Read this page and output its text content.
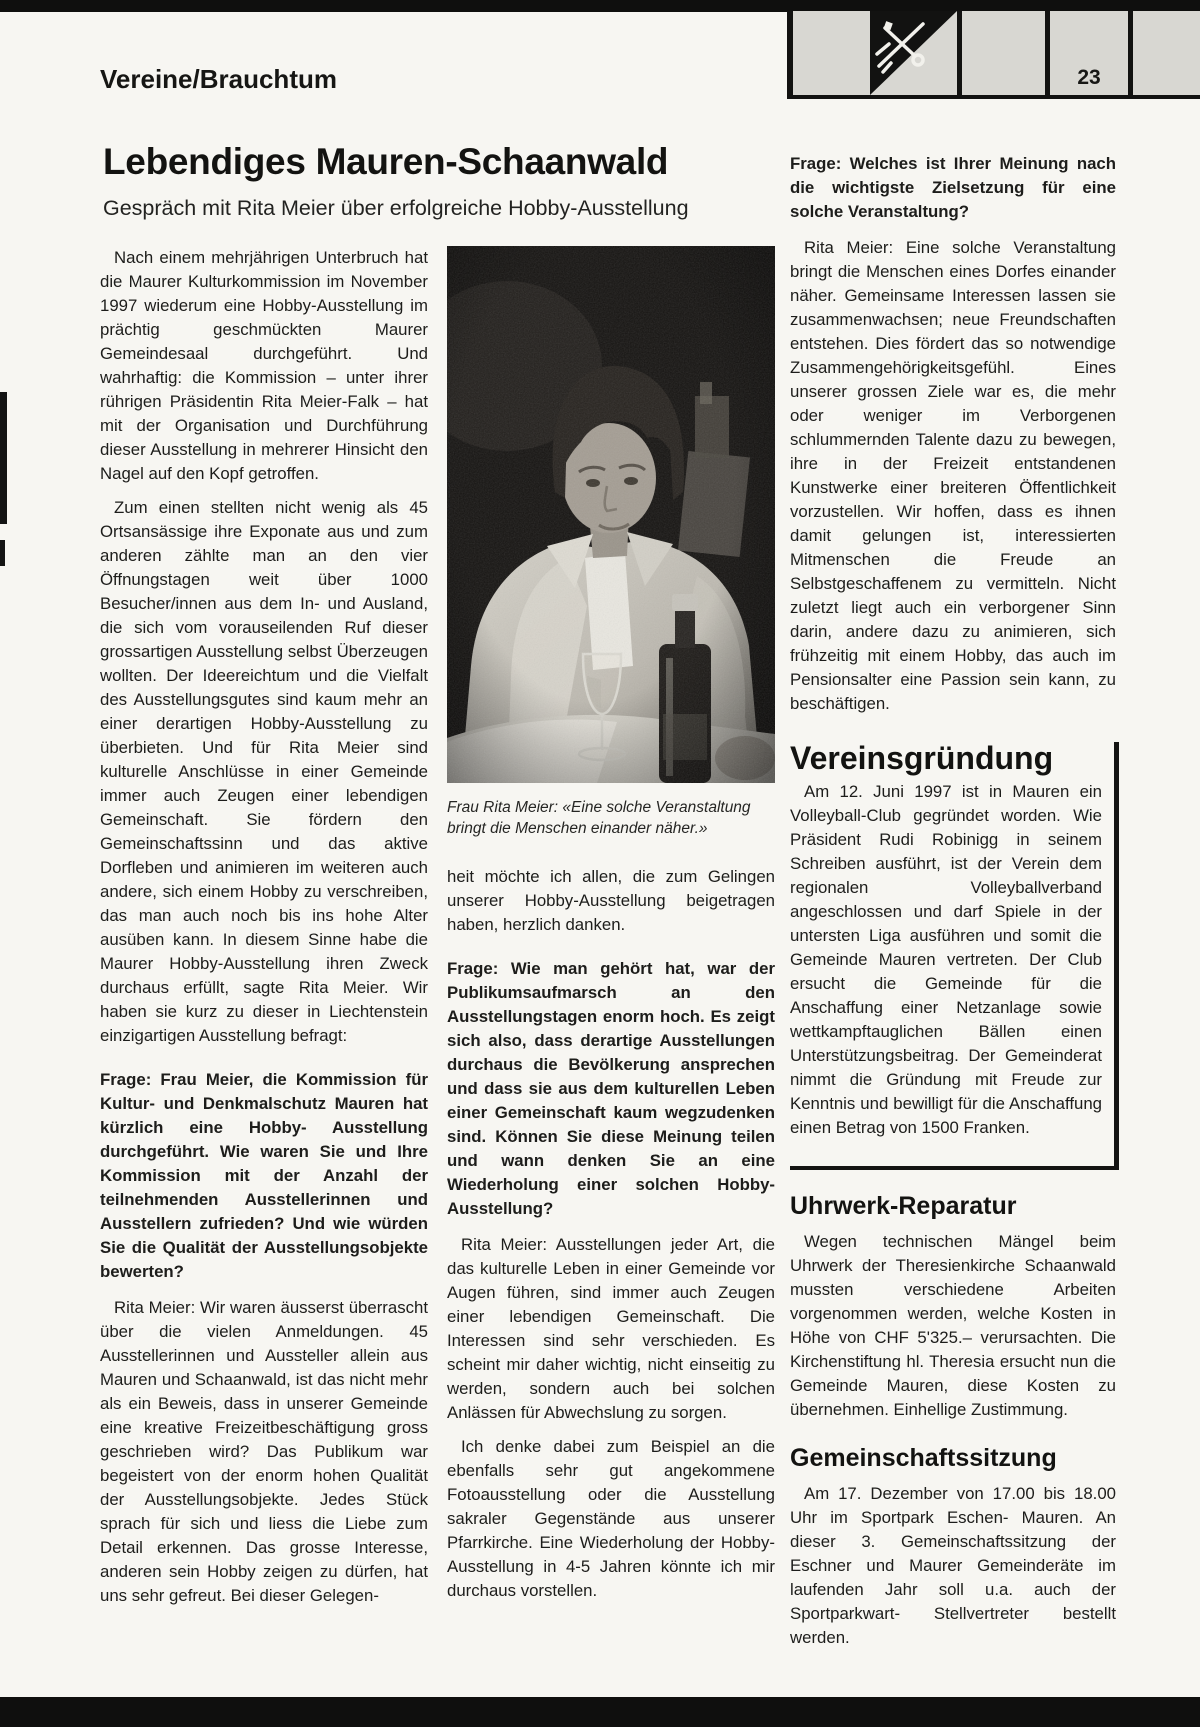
Vereine/Brauchtum	23
Lebendiges Mauren-Schaanwald
Gespräch mit Rita Meier über erfolgreiche Hobby-Ausstellung

Nach einem mehrjährigen Unterbruch hat die Maurer Kulturkommission im November 1997 wiederum eine Hobby-Ausstellung im prächtig geschmückten Maurer Gemeindesaal durchgeführt. Und wahrhaftig: die Kommission – unter ihrer rührigen Präsidentin Rita Meier-Falk – hat mit der Organisation und Durchführung dieser Ausstellung in mehrerer Hinsicht den Nagel auf den Kopf getroffen.

Zum einen stellten nicht wenig als 45 Ortsansässige ihre Exponate aus und zum anderen zählte man an den vier Öffnungstagen weit über 1000 Besucher/innen aus dem In- und Ausland, die sich vom vorauseilenden Ruf dieser grossartigen Ausstellung selbst Überzeugen wollten. Der Ideereichtum und die Vielfalt des Ausstellungsgutes sind kaum mehr an einer derartigen Hobby-Ausstellung zu überbieten. Und für Rita Meier sind kulturelle Anschlüsse in einer Gemeinde immer auch Zeugen einer lebendigen Gemeinschaft. Sie fördern den Gemeinschaftssinn und das aktive Dorfleben und animieren im weiteren auch andere, sich einem Hobby zu verschreiben, das man auch noch bis ins hohe Alter ausüben kann. In diesem Sinne habe die Maurer Hobby-Ausstellung ihren Zweck durchaus erfüllt, sagte Rita Meier. Wir haben sie kurz zu dieser in Liechtenstein einzigartigen Ausstellung befragt:

Frage: Frau Meier, die Kommission für Kultur- und Denkmalschutz Mauren hat kürzlich eine Hobby- Ausstellung durchgeführt. Wie waren Sie und Ihre Kommission mit der Anzahl der teilnehmenden Ausstellerinnen und Ausstellern zufrieden? Und wie würden Sie die Qualität der Ausstellungsobjekte bewerten?

Rita Meier: Wir waren äusserst überrascht über die vielen Anmeldungen. 45 Ausstellerinnen und Aussteller allein aus Mauren und Schaanwald, ist das nicht mehr als ein Beweis, dass in unserer Gemeinde eine kreative Freizeitbeschäftigung gross geschrieben wird? Das Publikum war begeistert von der enorm hohen Qualität der Ausstellungsobjekte. Jedes Stück sprach für sich und liess die Liebe zum Detail erkennen. Das grosse Interesse, anderen sein Hobby zeigen zu dürfen, hat uns sehr gefreut. Bei dieser Gelegen-

Frau Rita Meier: «Eine solche Veranstaltung bringt die Menschen einander näher.»

heit möchte ich allen, die zum Gelingen unserer Hobby-Ausstellung beigetragen haben, herzlich danken.

Frage: Wie man gehört hat, war der Publikumsaufmarsch an den Ausstellungstagen enorm hoch. Es zeigt sich also, dass derartige Ausstellungen durchaus die Bevölkerung ansprechen und dass sie aus dem kulturellen Leben einer Gemeinschaft kaum wegzudenken sind. Können Sie diese Meinung teilen und wann denken Sie an eine Wiederholung einer solchen Hobby-Ausstellung?

Rita Meier: Ausstellungen jeder Art, die das kulturelle Leben in einer Gemeinde vor Augen führen, sind immer auch Zeugen einer lebendigen Gemeinschaft. Die Interessen sind sehr verschieden. Es scheint mir daher wichtig, nicht einseitig zu werden, sondern auch bei solchen Anlässen für Abwechslung zu sorgen.

Ich denke dabei zum Beispiel an die ebenfalls sehr gut angekommene Fotoausstellung oder die Ausstellung sakraler Gegenstände aus unserer Pfarrkirche. Eine Wiederholung der Hobby-Ausstellung in 4-5 Jahren könnte ich mir durchaus vorstellen.

Frage: Welches ist Ihrer Meinung nach die wichtigste Zielsetzung für eine solche Veranstaltung?

Rita Meier: Eine solche Veranstaltung bringt die Menschen eines Dorfes einander näher. Gemeinsame Interessen lassen sie zusammenwachsen; neue Freundschaften entstehen. Dies fördert das so notwendige Zusammengehörigkeitsgefühl. Eines unserer grossen Ziele war es, die mehr oder weniger im Verborgenen schlummernden Talente dazu zu bewegen, ihre in der Freizeit entstandenen Kunstwerke einer breiteren Öffentlichkeit vorzustellen. Wir hoffen, dass es ihnen damit gelungen ist, interessierten Mitmenschen die Freude an Selbstgeschaffenem zu vermitteln. Nicht zuletzt liegt auch ein verborgener Sinn darin, andere dazu zu animieren, sich frühzeitig mit einem Hobby, das auch im Pensionsalter eine Passion sein kann, zu beschäftigen.

Vereinsgründung

Am 12. Juni 1997 ist in Mauren ein Volleyball-Club gegründet worden. Wie Präsident Rudi Robinigg in seinem Schreiben ausführt, ist der Verein dem regionalen Volleyballverband angeschlossen und darf Spiele in der untersten Liga ausführen und somit die Gemeinde Mauren vertreten. Der Club ersucht die Gemeinde für die Anschaffung einer Netzanlage sowie wettkampftauglichen Bällen einen Unterstützungsbeitrag. Der Gemeinderat nimmt die Gründung mit Freude zur Kenntnis und bewilligt für die Anschaffung einen Betrag von 1500 Franken.

Uhrwerk-Reparatur

Wegen technischen Mängel beim Uhrwerk der Theresienkirche Schaanwald mussten verschiedene Arbeiten vorgenommen werden, welche Kosten in Höhe von CHF 5'325.– verursachten. Die Kirchenstiftung hl. Theresia ersucht nun die Gemeinde Mauren, diese Kosten zu übernehmen. Einhellige Zustimmung.

Gemeinschaftssitzung

Am 17. Dezember von 17.00 bis 18.00 Uhr im Sportpark Eschen- Mauren. An dieser 3. Gemeinschaftssitzung der Eschner und Maurer Gemeinderäte im laufenden Jahr soll u.a. auch der Sportparkwart- Stellvertreter bestellt werden.
